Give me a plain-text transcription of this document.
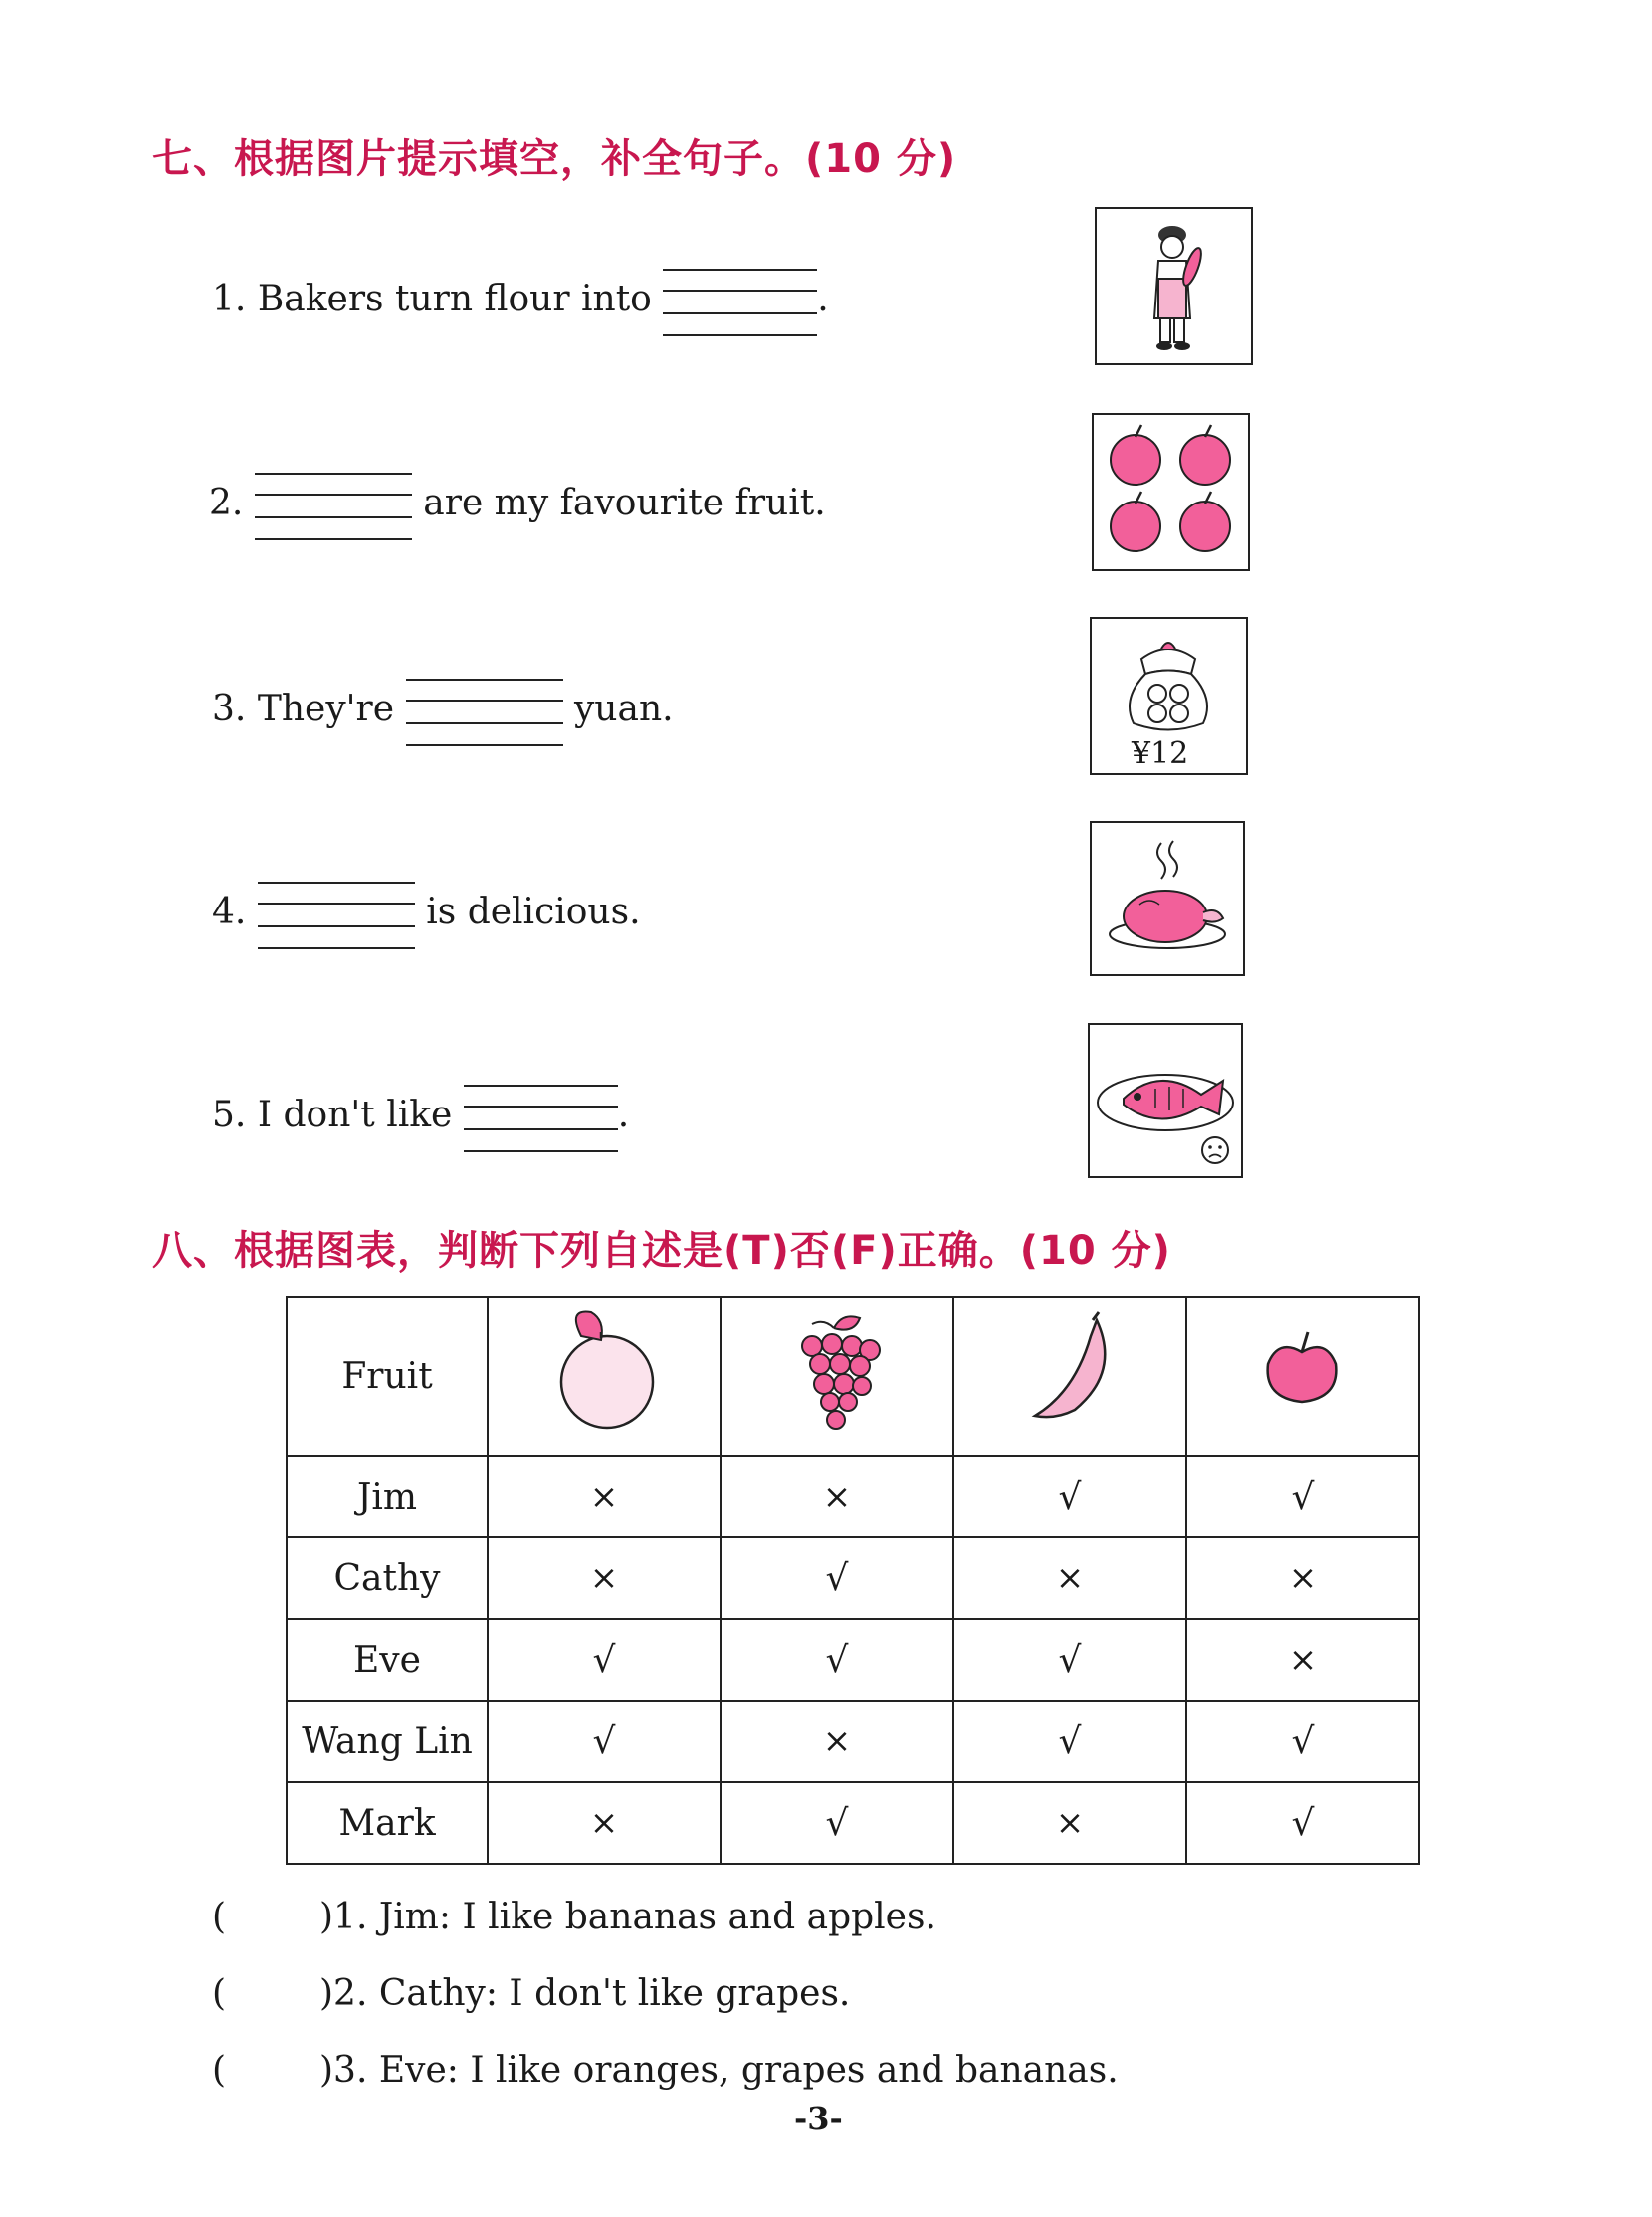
七、根据图片提示填空，补全句子。(10 分)
1. Bakers turn flour into	.
2.	are my favourite fruit.
3. They're	yuan.
4.	is delicious.
5. I don't like	.
¥12
八、根据图表，判断下列自述是(T)否(F)正确。(10 分)
Fruit				
Jim	×	×	√	√
Cathy	×	√	×	×
Eve	√	√	√	×
Wang Lin	√	×	√	√
Mark	×	√	×	√
(	)1. Jim: I like bananas and apples.
(	)2. Cathy: I don't like grapes.
(	)3. Eve: I like oranges, grapes and bananas.
-3-
